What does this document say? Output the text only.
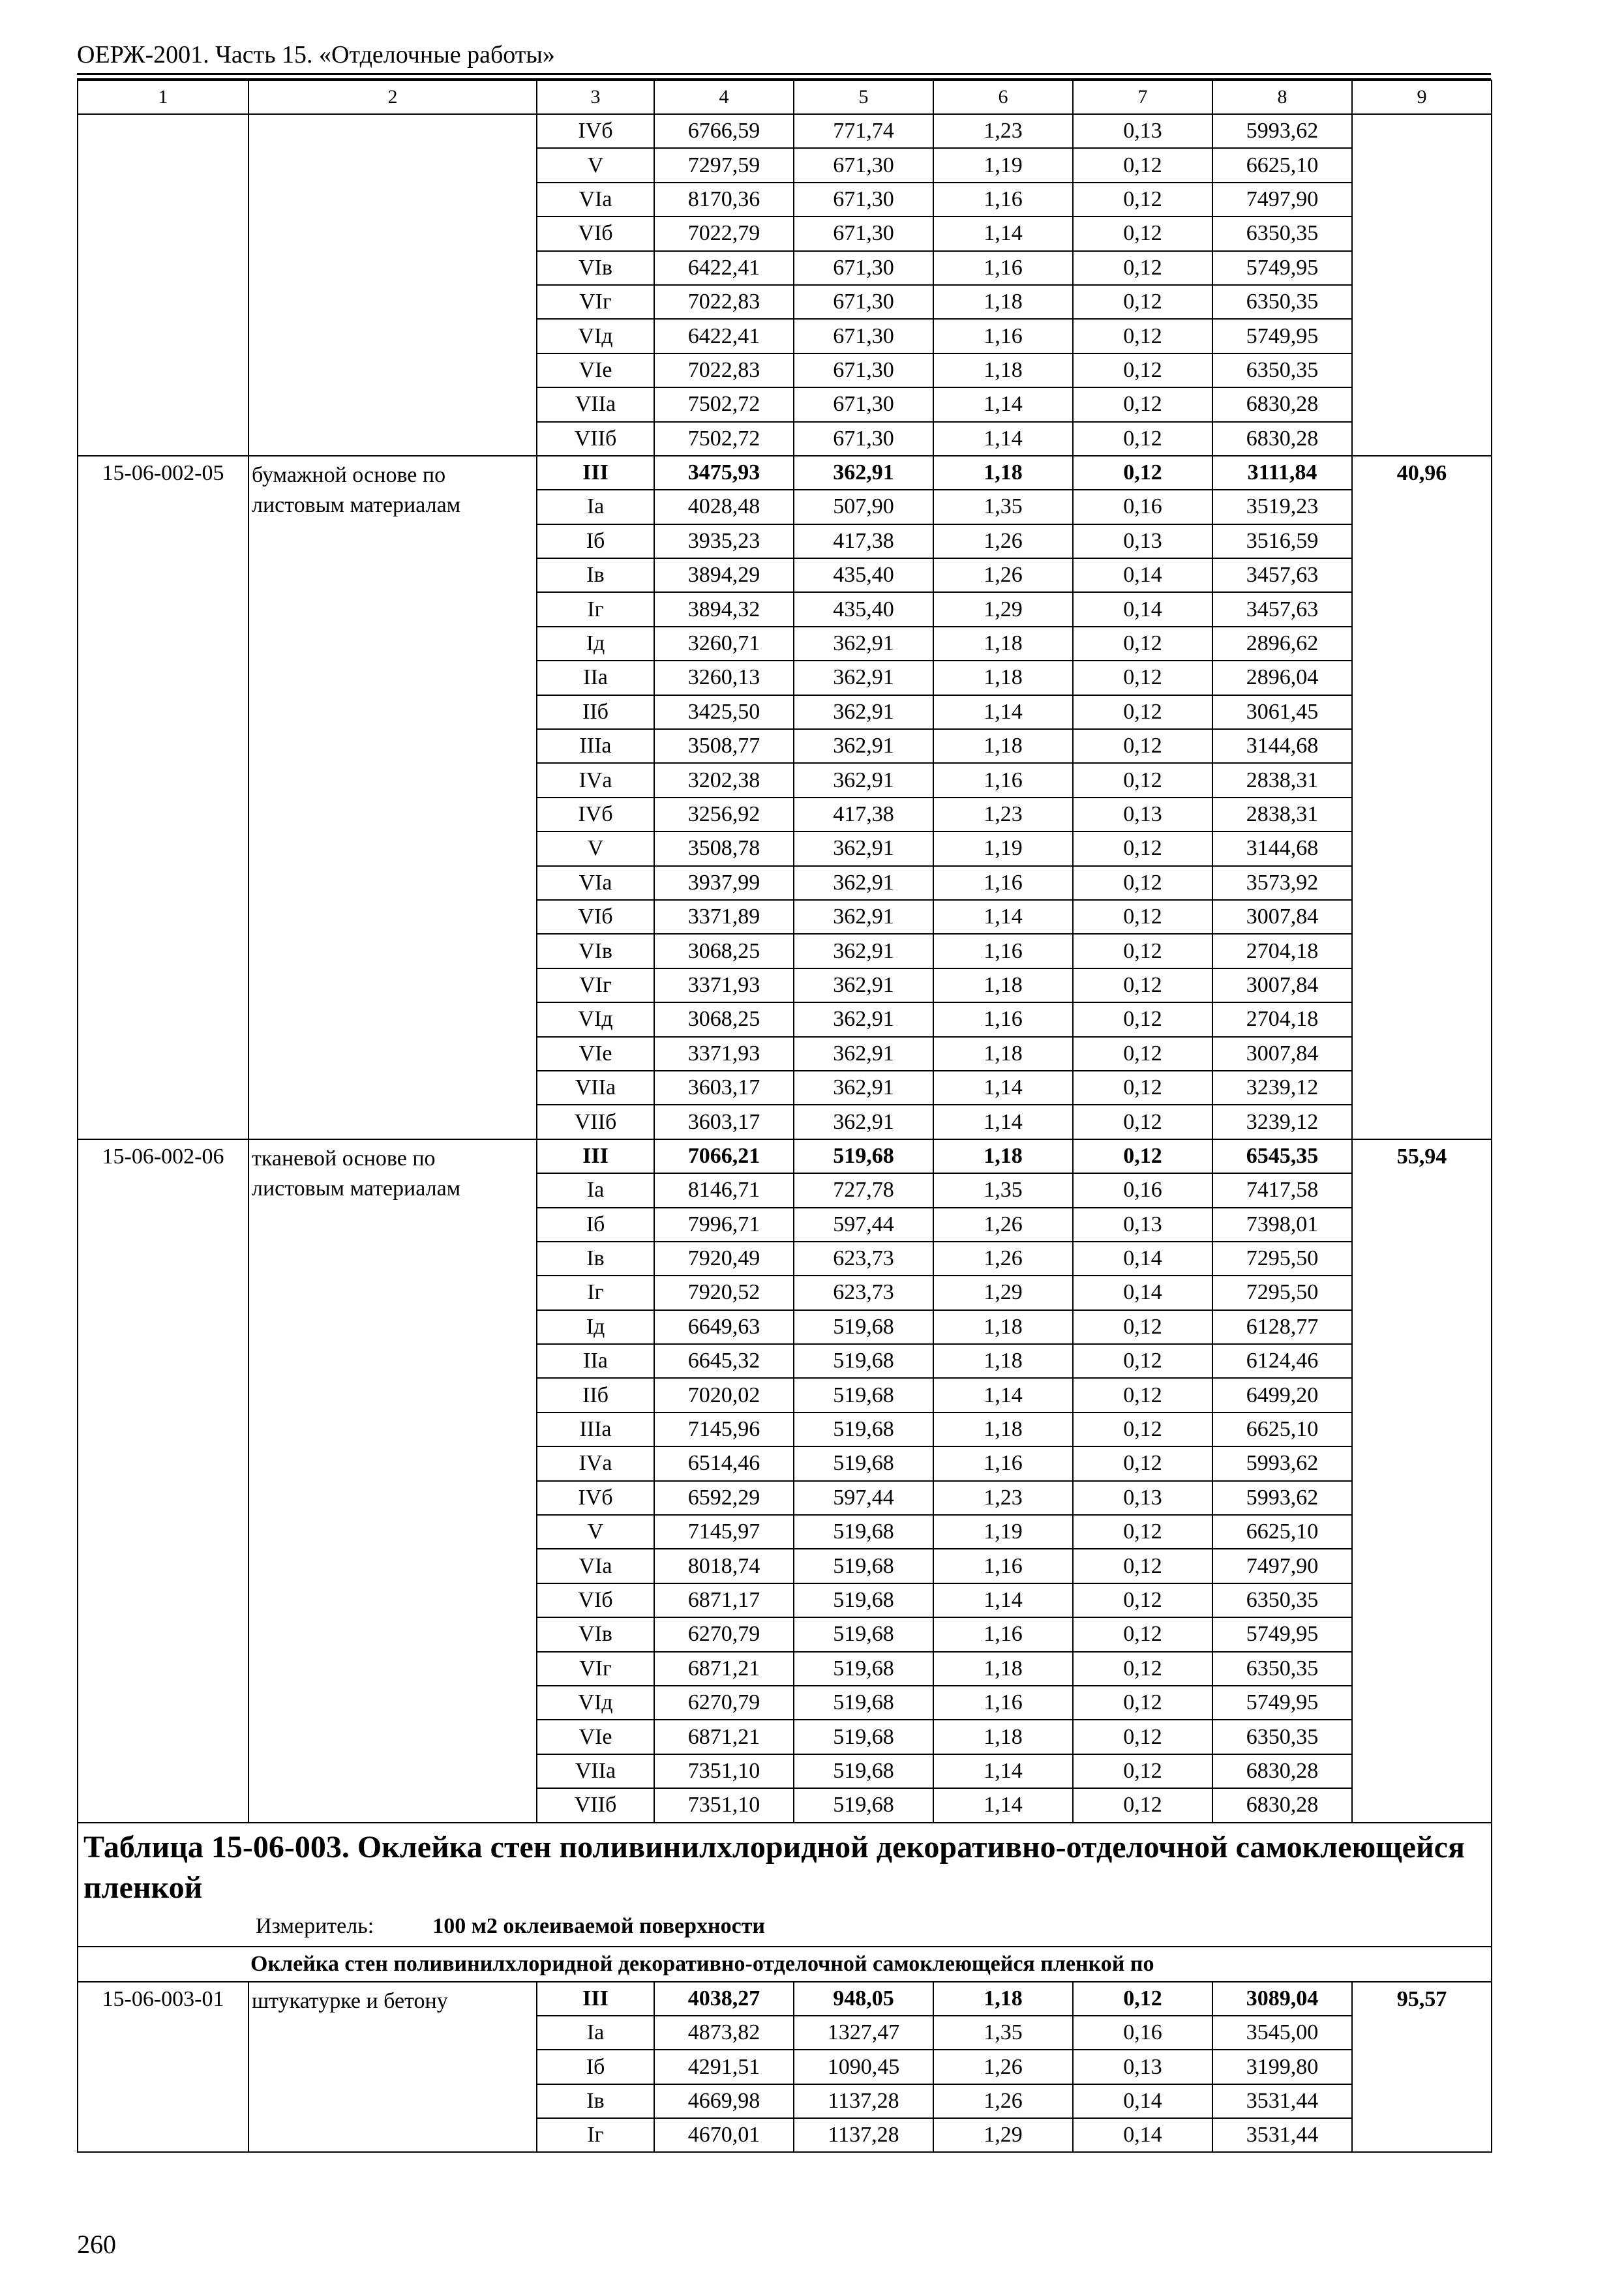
ОЕРЖ-2001. Часть 15. «Отделочные работы»
1	2	3	4	5	6	7	8	9
		IVб	6766,59	771,74	1,23	0,13	5993,62	
		V	7297,59	671,30	1,19	0,12	6625,10	
		VIа	8170,36	671,30	1,16	0,12	7497,90	
		VIб	7022,79	671,30	1,14	0,12	6350,35	
		VIв	6422,41	671,30	1,16	0,12	5749,95	
		VIг	7022,83	671,30	1,18	0,12	6350,35	
		VIд	6422,41	671,30	1,16	0,12	5749,95	
		VIе	7022,83	671,30	1,18	0,12	6350,35	
		VIIа	7502,72	671,30	1,14	0,12	6830,28	
		VIIб	7502,72	671,30	1,14	0,12	6830,28	
15-06-002-05	бумажной основе по листовым материалам	III	3475,93	362,91	1,18	0,12	3111,84	40,96
		Iа	4028,48	507,90	1,35	0,16	3519,23	
		Iб	3935,23	417,38	1,26	0,13	3516,59	
		Iв	3894,29	435,40	1,26	0,14	3457,63	
		Iг	3894,32	435,40	1,29	0,14	3457,63	
		Iд	3260,71	362,91	1,18	0,12	2896,62	
		IIа	3260,13	362,91	1,18	0,12	2896,04	
		IIб	3425,50	362,91	1,14	0,12	3061,45	
		IIIа	3508,77	362,91	1,18	0,12	3144,68	
		IVа	3202,38	362,91	1,16	0,12	2838,31	
		IVб	3256,92	417,38	1,23	0,13	2838,31	
		V	3508,78	362,91	1,19	0,12	3144,68	
		VIа	3937,99	362,91	1,16	0,12	3573,92	
		VIб	3371,89	362,91	1,14	0,12	3007,84	
		VIв	3068,25	362,91	1,16	0,12	2704,18	
		VIг	3371,93	362,91	1,18	0,12	3007,84	
		VIд	3068,25	362,91	1,16	0,12	2704,18	
		VIе	3371,93	362,91	1,18	0,12	3007,84	
		VIIа	3603,17	362,91	1,14	0,12	3239,12	
		VIIб	3603,17	362,91	1,14	0,12	3239,12	
15-06-002-06	тканевой основе по листовым материалам	III	7066,21	519,68	1,18	0,12	6545,35	55,94
		Iа	8146,71	727,78	1,35	0,16	7417,58	
		Iб	7996,71	597,44	1,26	0,13	7398,01	
		Iв	7920,49	623,73	1,26	0,14	7295,50	
		Iг	7920,52	623,73	1,29	0,14	7295,50	
		Iд	6649,63	519,68	1,18	0,12	6128,77	
		IIа	6645,32	519,68	1,18	0,12	6124,46	
		IIб	7020,02	519,68	1,14	0,12	6499,20	
		IIIа	7145,96	519,68	1,18	0,12	6625,10	
		IVа	6514,46	519,68	1,16	0,12	5993,62	
		IVб	6592,29	597,44	1,23	0,13	5993,62	
		V	7145,97	519,68	1,19	0,12	6625,10	
		VIа	8018,74	519,68	1,16	0,12	7497,90	
		VIб	6871,17	519,68	1,14	0,12	6350,35	
		VIв	6270,79	519,68	1,16	0,12	5749,95	
		VIг	6871,21	519,68	1,18	0,12	6350,35	
		VIд	6270,79	519,68	1,16	0,12	5749,95	
		VIе	6871,21	519,68	1,18	0,12	6350,35	
		VIIа	7351,10	519,68	1,14	0,12	6830,28	
		VIIб	7351,10	519,68	1,14	0,12	6830,28	

Таблица 15-06-003. Оклейка стен поливинилхлоридной декоративно-отделочной самоклеющейся пленкой
Измеритель: 100 м2 оклеиваемой поверхности								

Оклейка стен поливинилхлоридной декоративно-отделочной самоклеющейся пленкой по								
15-06-003-01	штукатурке и бетону	III	4038,27	948,05	1,18	0,12	3089,04	95,57
		Iа	4873,82	1327,47	1,35	0,16	3545,00	
		Iб	4291,51	1090,45	1,26	0,13	3199,80	
		Iв	4669,98	1137,28	1,26	0,14	3531,44	
		Iг	4670,01	1137,28	1,29	0,14	3531,44	
260
